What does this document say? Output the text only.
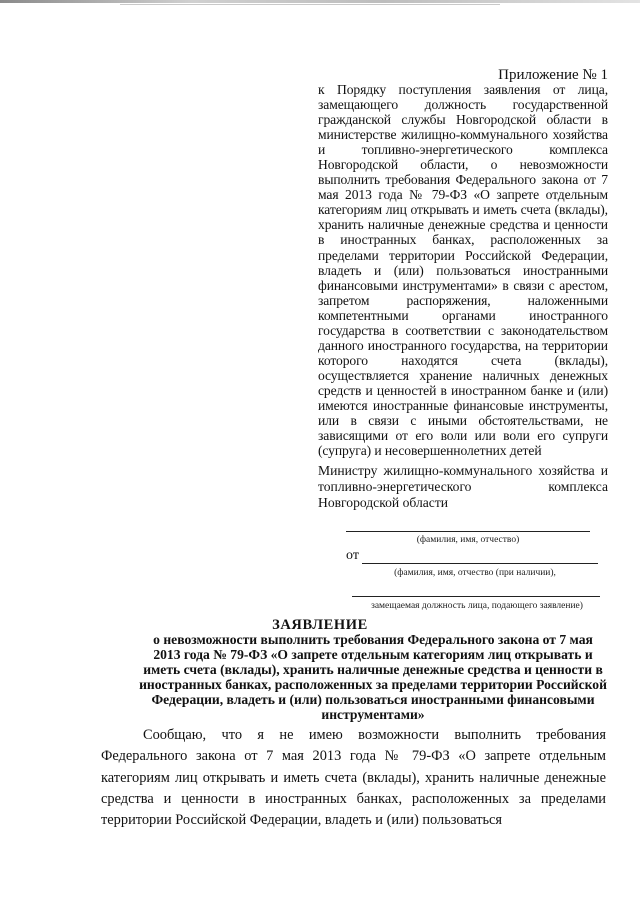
Приложение № 1
к Порядку поступления заявления от лица, замещающего должность государственной гражданской службы Новгородской области в министерстве жилищно-коммунального хозяйства и топливно-энергетического комплекса Новгородской области, о невозможности выполнить требования Федерального закона от 7 мая 2013 года № 79-ФЗ «О запрете отдельным категориям лиц открывать и иметь счета (вклады), хранить наличные денежные средства и ценности в иностранных банках, расположенных за пределами территории Российской Федерации, владеть и (или) пользоваться иностранными финансовыми инструментами» в связи с арестом, запретом распоряжения, наложенными компетентными органами иностранного государства в соответствии с законодательством данного иностранного государства, на территории которого находятся счета (вклады), осуществляется хранение наличных денежных средств и ценностей в иностранном банке и (или) имеются иностранные финансовые инструменты, или в связи с иными обстоятельствами, не зависящими от его воли или воли его супруги (супруга) и несовершеннолетних детей
Министру жилищно-коммунального хозяйства и топливно-энергетического комплекса Новгородской области
(фамилия, имя, отчество)
от
(фамилия, имя, отчество (при наличии),
замещаемая должность лица, подающего заявление)
ЗАЯВЛЕНИЕ
о невозможности выполнить требования Федерального закона от 7 мая 2013 года № 79-ФЗ «О запрете отдельным категориям лиц открывать и иметь счета (вклады), хранить наличные денежные средства и ценности в иностранных банках, расположенных за пределами территории Российской Федерации, владеть и (или) пользоваться иностранными финансовыми инструментами»
Сообщаю, что я не имею возможности выполнить требования Федерального закона от 7 мая 2013 года № 79-ФЗ «О запрете отдельным категориям лиц открывать и иметь счета (вклады), хранить наличные денежные средства и ценности в иностранных банках, расположенных за пределами территории Российской Федерации, владеть и (или) пользоваться
